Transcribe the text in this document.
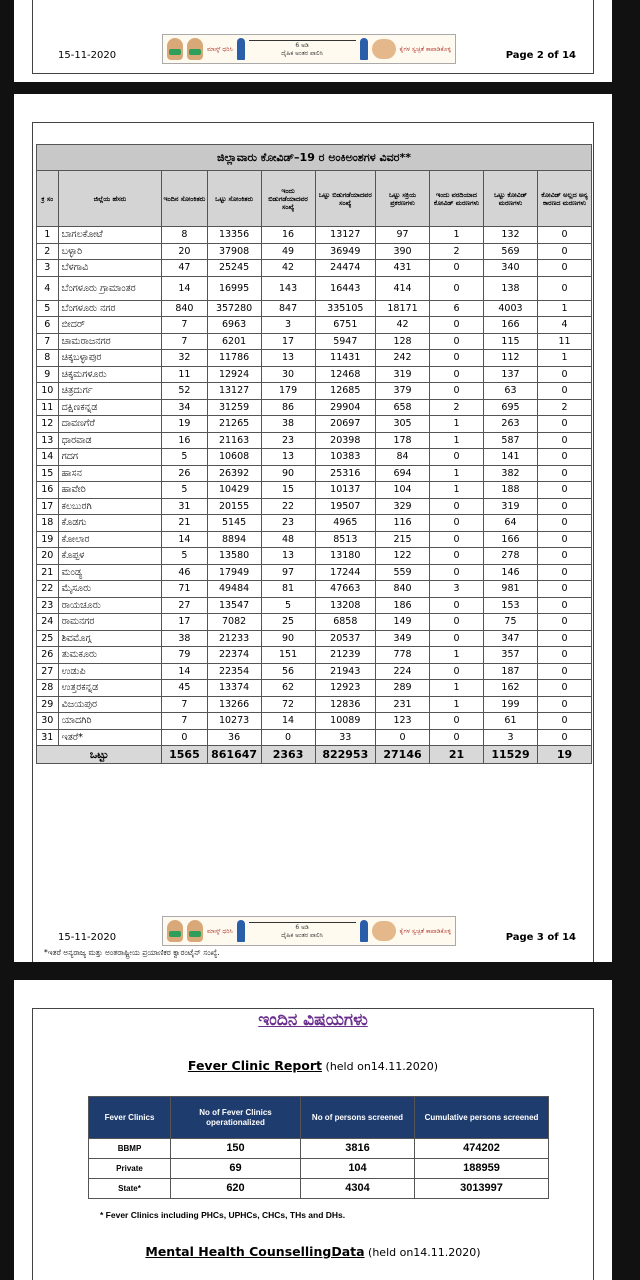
15-11-2020
ಮಾಸ್ಕ್ ಧರಿಸಿ	6 ಅಡಿ
ದೈಹಿಕ ಅಂತರ ಪಾಲಿಸಿ
ಕೈಗಳ ಸ್ವಚ್ಛತೆ ಕಾಪಾಡಿಕೊಳ್ಳಿ
Page 2 of 14
ಜಿಲ್ಲಾವಾರು ಕೋವಿಡ್–19 ರ ಅಂಕಿಅಂಶಗಳ ವಿವರ**									
ಕ್ರ ಸಂ	ಜಿಲ್ಲೆಯ ಹೆಸರು	ಇಂದಿನ ಸೋಂಕಿತರು	ಒಟ್ಟು ಸೋಂಕಿತರು	ಇಂದು ಬಿಡುಗಡೆಯಾದವರ ಸಂಖ್ಯೆ	ಒಟ್ಟು ಬಿಡುಗಡೆಯಾದವರ ಸಂಖ್ಯೆ	ಒಟ್ಟು ಸಕ್ರಿಯ ಪ್ರಕರಣಗಳು	ಇಂದು ವರದಿಯಾದ ಕೋವಿಡ್ ಮರಣಗಳು	ಒಟ್ಟು ಕೋವಿಡ್ ಮರಣಗಳು	ಕೋವಿಡ್ ಅಲ್ಲದ ಅನ್ಯ ಕಾರಣದ ಮರಣಗಳು
1	ಬಾಗಲಕೋಟೆ	8	13356	16	13127	97	1	132	0
2	ಬಳ್ಳಾರಿ	20	37908	49	36949	390	2	569	0
3	ಬೆಳಗಾವಿ	47	25245	42	24474	431	0	340	0
4	ಬೆಂಗಳೂರು ಗ್ರಾಮಾಂತರ	14	16995	143	16443	414	0	138	0
5	ಬೆಂಗಳೂರು ನಗರ	840	357280	847	335105	18171	6	4003	1
6	ಬೀದರ್	7	6963	3	6751	42	0	166	4
7	ಚಾಮರಾಜನಗರ	7	6201	17	5947	128	0	115	11
8	ಚಿಕ್ಕಬಳ್ಳಾಪುರ	32	11786	13	11431	242	0	112	1
9	ಚಿಕ್ಕಮಗಳೂರು	11	12924	30	12468	319	0	137	0
10	ಚಿತ್ರದುರ್ಗ	52	13127	179	12685	379	0	63	0
11	ದಕ್ಷಿಣಕನ್ನಡ	34	31259	86	29904	658	2	695	2
12	ದಾವಣಗೆರೆ	19	21265	38	20697	305	1	263	0
13	ಧಾರವಾಡ	16	21163	23	20398	178	1	587	0
14	ಗದಗ	5	10608	13	10383	84	0	141	0
15	ಹಾಸನ	26	26392	90	25316	694	1	382	0
16	ಹಾವೇರಿ	5	10429	15	10137	104	1	188	0
17	ಕಲಬುರಗಿ	31	20155	22	19507	329	0	319	0
18	ಕೊಡಗು	21	5145	23	4965	116	0	64	0
19	ಕೋಲಾರ	14	8894	48	8513	215	0	166	0
20	ಕೊಪ್ಪಳ	5	13580	13	13180	122	0	278	0
21	ಮಂಡ್ಯ	46	17949	97	17244	559	0	146	0
22	ಮೈಸೂರು	71	49484	81	47663	840	3	981	0
23	ರಾಯಚೂರು	27	13547	5	13208	186	0	153	0
24	ರಾಮನಗರ	17	7082	25	6858	149	0	75	0
25	ಶಿವಮೊಗ್ಗ	38	21233	90	20537	349	0	347	0
26	ತುಮಕೂರು	79	22374	151	21239	778	1	357	0
27	ಉಡುಪಿ	14	22354	56	21943	224	0	187	0
28	ಉತ್ತರಕನ್ನಡ	45	13374	62	12923	289	1	162	0
29	ವಿಜಯಪುರ	7	13266	72	12836	231	1	199	0
30	ಯಾದಗಿರಿ	7	10273	14	10089	123	0	61	0
31	ಇತರೆ*	0	36	0	33	0	0	3	0
ಒಟ್ಟು		1565	861647	2363	822953	27146	21	11529	19
*ಇತರೆ ಅನ್ಯರಾಜ್ಯ ಮತ್ತು ಅಂತರಾಷ್ಟ್ರೀಯ ಪ್ರಯಾಣಿಕರ ಕ್ವಾರಂಟೈನ್ ಸಂಖ್ಯೆ.
15-11-2020
ಮಾಸ್ಕ್ ಧರಿಸಿ	6 ಅಡಿ
ದೈಹಿಕ ಅಂತರ ಪಾಲಿಸಿ
ಕೈಗಳ ಸ್ವಚ್ಛತೆ ಕಾಪಾಡಿಕೊಳ್ಳಿ
Page 3 of 14
ಇಂದಿನ ವಿಷಯಗಳು
Fever Clinic Report (held on14.11.2020)
Fever Clinics	No of Fever Clinics operationalized	No of persons screened	Cumulative persons screened
BBMP	150	3816	474202
Private	69	104	188959
State*	620	4304	3013997
* Fever Clinics including PHCs, UPHCs, CHCs, THs and DHs.
Mental Health CounsellingData (held on14.11.2020)
